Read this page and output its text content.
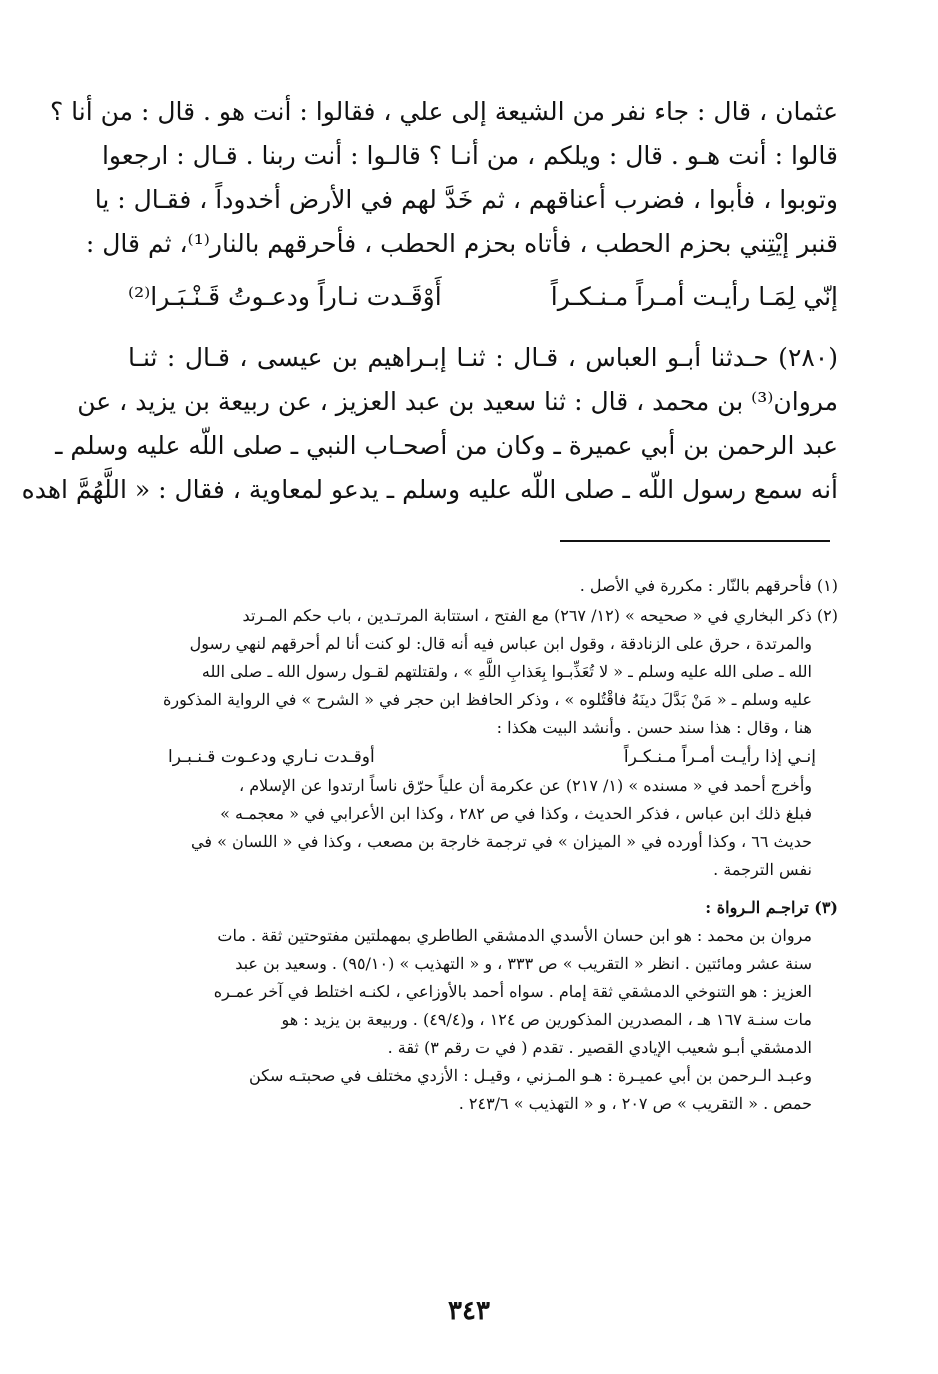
عثمان ، قال : جاء نفر من الشيعة إلى علي ، فقالوا : أنت هو . قال : من أنا ؟
قالوا : أنت هـو . قال : ويلكم ، من أنـا ؟ قالـوا : أنت ربنا . قـال : ارجعوا
وتوبوا ، فأبوا ، فضرب أعناقهم ، ثم خَدَّ لهم في الأرض أخدوداً ، فقـال : يا
قنبر إيْتِني بحزم الحطب ، فأتاه بحزم الحطب ، فأحرقهم بالنار⁽¹⁾، ثم قال :

إنّي لِمَـا رأيـت أمـراً مـنـكـراً
أَوْقَـدت نـاراً ودعـوتُ قَـنْـبَـرا⁽²⁾

(٢٨٠) حـدثنا أبـو العباس ، قـال : ثنـا إبـراهيم بن عيسى ، قـال : ثنـا
مروان⁽³⁾ بن محمد ، قال : ثنا سعيد بن عبد العزيز ، عن ربيعة بن يزيد ، عن
عبد الرحمن بن أبي عميرة ـ وكان من أصحـاب النبي ـ صلى اللّه عليه وسلم ـ
أنه سمع رسول اللّه ـ صلى اللّه عليه وسلم ـ يدعو لمعاوية ، فقال : « اللَّهُمَّ اهده

(١) فأحرقهم بالنّار : مكررة في الأصل .
(٢) ذكر البخاري في « صحيحه » (١٢/ ٢٦٧) مع الفتح ، استتابة المرتـدين ، باب حكم المـرتد
والمرتدة ، حرق على الزنادقة ، وقول ابن عباس فيه أنه قال: لو كنت أنا لم أحرقهم لنهي رسول
الله ـ صلى الله عليه وسلم ـ « لا تُعَذِّبـوا بِعَذابِ اللَّهِ » ، ولقتلتهم لقـول رسول الله ـ صلى الله
عليه وسلم ـ « مَنْ بَدَّلَ دينَهُ فاقْتُلوه » ، وذكر الحافظ ابن حجر في « الشرح » في الرواية المذكورة
هنا ، وقال : هذا سند حسن . وأنشد البيت هكذا :
إنـي إذا رأيـت أمـراً مـنـكـراً
أوقـدت نـاري ودعـوت قـنـبـرا
وأخرج أحمد في « مسنده » (١/ ٢١٧) عن عكرمة أن علياً حرّق ناساً ارتدوا عن الإسلام ،
فبلغ ذلك ابن عباس ، فذكر الحديث ، وكذا في ص ٢٨٢ ، وكذا ابن الأعرابي في « معجمـه »
حديث ٦٦ ، وكذا أورده في « الميزان » في ترجمة خارجة بن مصعب ، وكذا في « اللسان » في
نفس الترجمة .
(٣) تراجـم الـرواة :
مروان بن محمد : هو ابن حسان الأسدي الدمشقي الطاطري بمهملتين مفتوحتين ثقة . مات
سنة عشر ومائتين . انظر « التقريب » ص ٣٣٣ ، و « التهذيب » (٩٥/١٠) . وسعيد بن عبد
العزيز : هو التنوخي الدمشقي ثقة إمام . سواه أحمد بالأوزاعي ، لكنـه اختلط في آخر عمـره
مات سنـة ١٦٧ هـ ، المصدرين المذكورين ص ١٢٤ ، و(٤٩/٤) . وربيعة بن يزيد : هو
الدمشقي أبـو شعيب الإيادي القصير . تقدم ( في ت رقم ٣) ثقة .
وعبـد الـرحمن بن أبي عميـرة : هـو المـزني ، وقيـل : الأزدي مختلف في صحبتـه سكن
حمص . « التقريب » ص ٢٠٧ ، و « التهذيب » ٢٤٣/٦ .
٣٤٣
